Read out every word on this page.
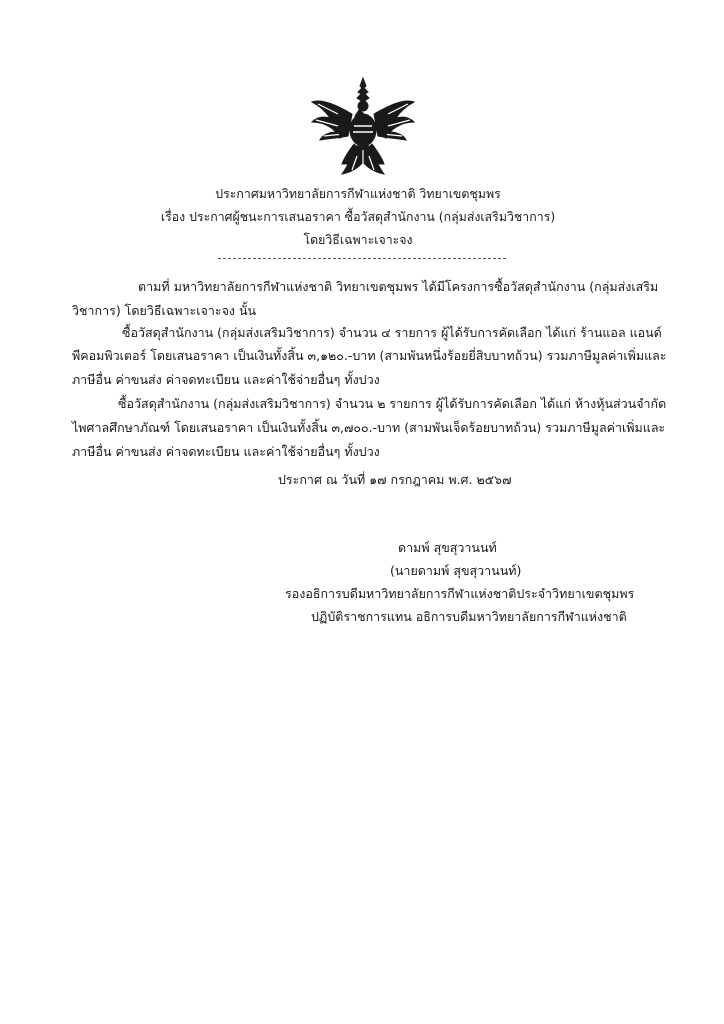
ประกาศมหาวิทยาลัยการกีฬาแห่งชาติ วิทยาเขตชุมพร
เรื่อง ประกาศผู้ชนะการเสนอราคา ซื้อวัสดุสำนักงาน (กลุ่มส่งเสริมวิชาการ)
โดยวิธีเฉพาะเจาะจง
ตามที่ มหาวิทยาลัยการกีฬาแห่งชาติ วิทยาเขตชุมพร ได้มีโครงการซื้อวัสดุสำนักงาน (กลุ่มส่งเสริม
วิชาการ) โดยวิธีเฉพาะเจาะจง นั้น
ซื้อวัสดุสำนักงาน (กลุ่มส่งเสริมวิชาการ) จำนวน ๔ รายการ ผู้ได้รับการคัดเลือก ได้แก่ ร้านแอล แอนด์
พีคอมพิวเตอร์ โดยเสนอราคา เป็นเงินทั้งสิ้น ๓,๑๒๐.-บาท (สามพันหนึ่งร้อยยี่สิบบาทถ้วน) รวมภาษีมูลค่าเพิ่มและ
ภาษีอื่น ค่าขนส่ง ค่าจดทะเบียน และค่าใช้จ่ายอื่นๆ ทั้งปวง
ซื้อวัสดุสำนักงาน (กลุ่มส่งเสริมวิชาการ) จำนวน ๒ รายการ ผู้ได้รับการคัดเลือก ได้แก่ ห้างหุ้นส่วนจำกัด
ไพศาลศึกษาภัณฑ์ โดยเสนอราคา เป็นเงินทั้งสิ้น ๓,๗๐๐.-บาท (สามพันเจ็ดร้อยบาทถ้วน) รวมภาษีมูลค่าเพิ่มและ
ภาษีอื่น ค่าขนส่ง ค่าจดทะเบียน และค่าใช้จ่ายอื่นๆ ทั้งปวง
ประกาศ ณ วันที่ ๑๗ กรกฎาคม พ.ศ. ๒๕๖๗
ดามพ์ สุขสุวานนท์
(นายดามพ์ สุขสุวานนท์)
รองอธิการบดีมหาวิทยาลัยการกีฬาแห่งชาติประจำวิทยาเขตชุมพร
ปฏิบัติราชการแทน อธิการบดีมหาวิทยาลัยการกีฬาแห่งชาติ
